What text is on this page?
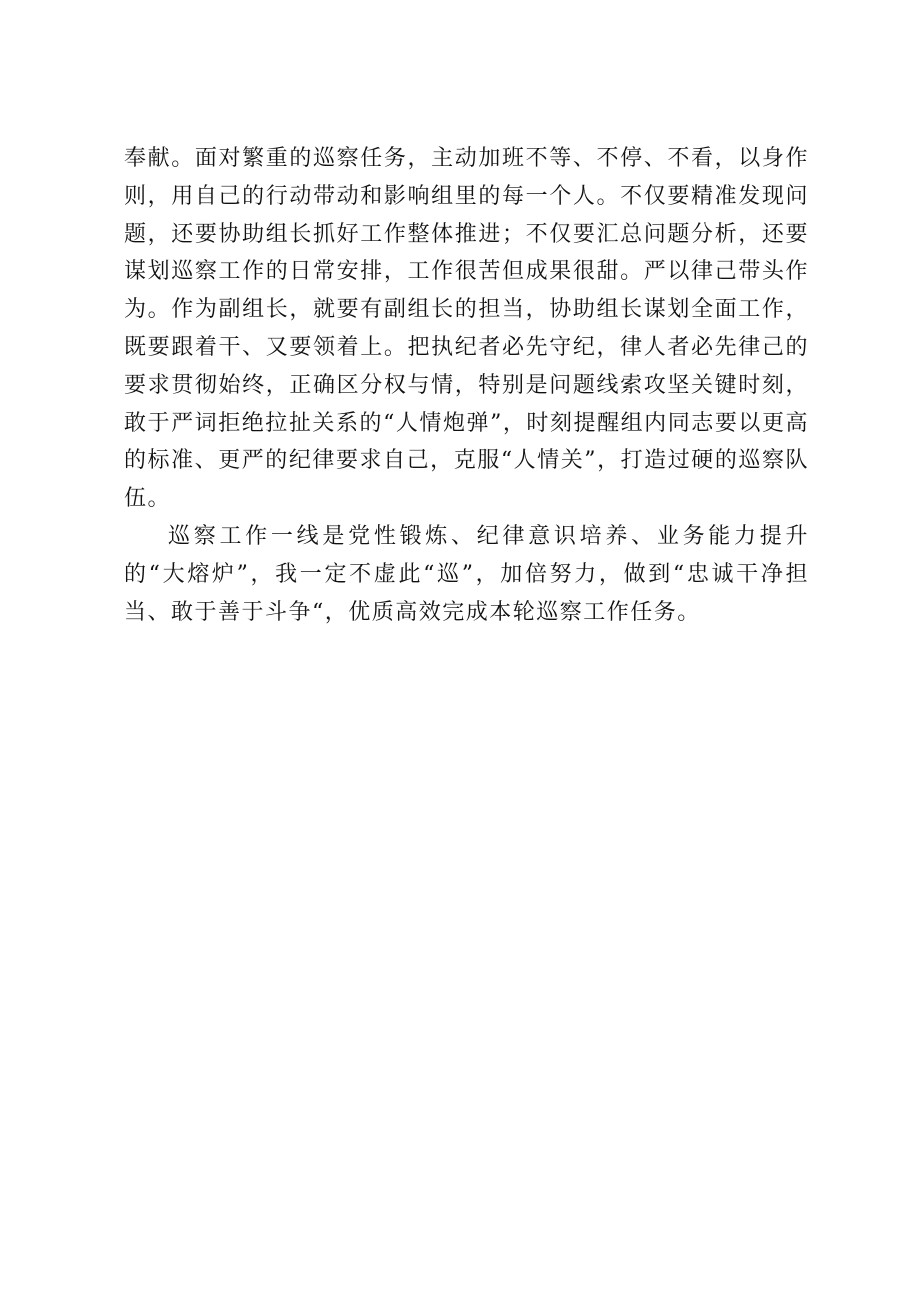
奉献。面对繁重的巡察任务，主动加班不等、不停、不看，以身作则，用自己的行动带动和影响组里的每一个人。不仅要精准发现问题，还要协助组长抓好工作整体推进；不仅要汇总问题分析，还要谋划巡察工作的日常安排，工作很苦但成果很甜。严以律己带头作为。作为副组长，就要有副组长的担当，协助组长谋划全面工作，既要跟着干、又要领着上。把执纪者必先守纪，律人者必先律己的要求贯彻始终，正确区分权与情，特别是问题线索攻坚关键时刻，敢于严词拒绝拉扯关系的“人情炮弹”，时刻提醒组内同志要以更高的标准、更严的纪律要求自己，克服“人情关”，打造过硬的巡察队伍。

巡察工作一线是党性锻炼、纪律意识培养、业务能力提升的“大熔炉”，我一定不虚此“巡”，加倍努力，做到“忠诚干净担当、敢于善于斗争“，优质高效完成本轮巡察工作任务。
